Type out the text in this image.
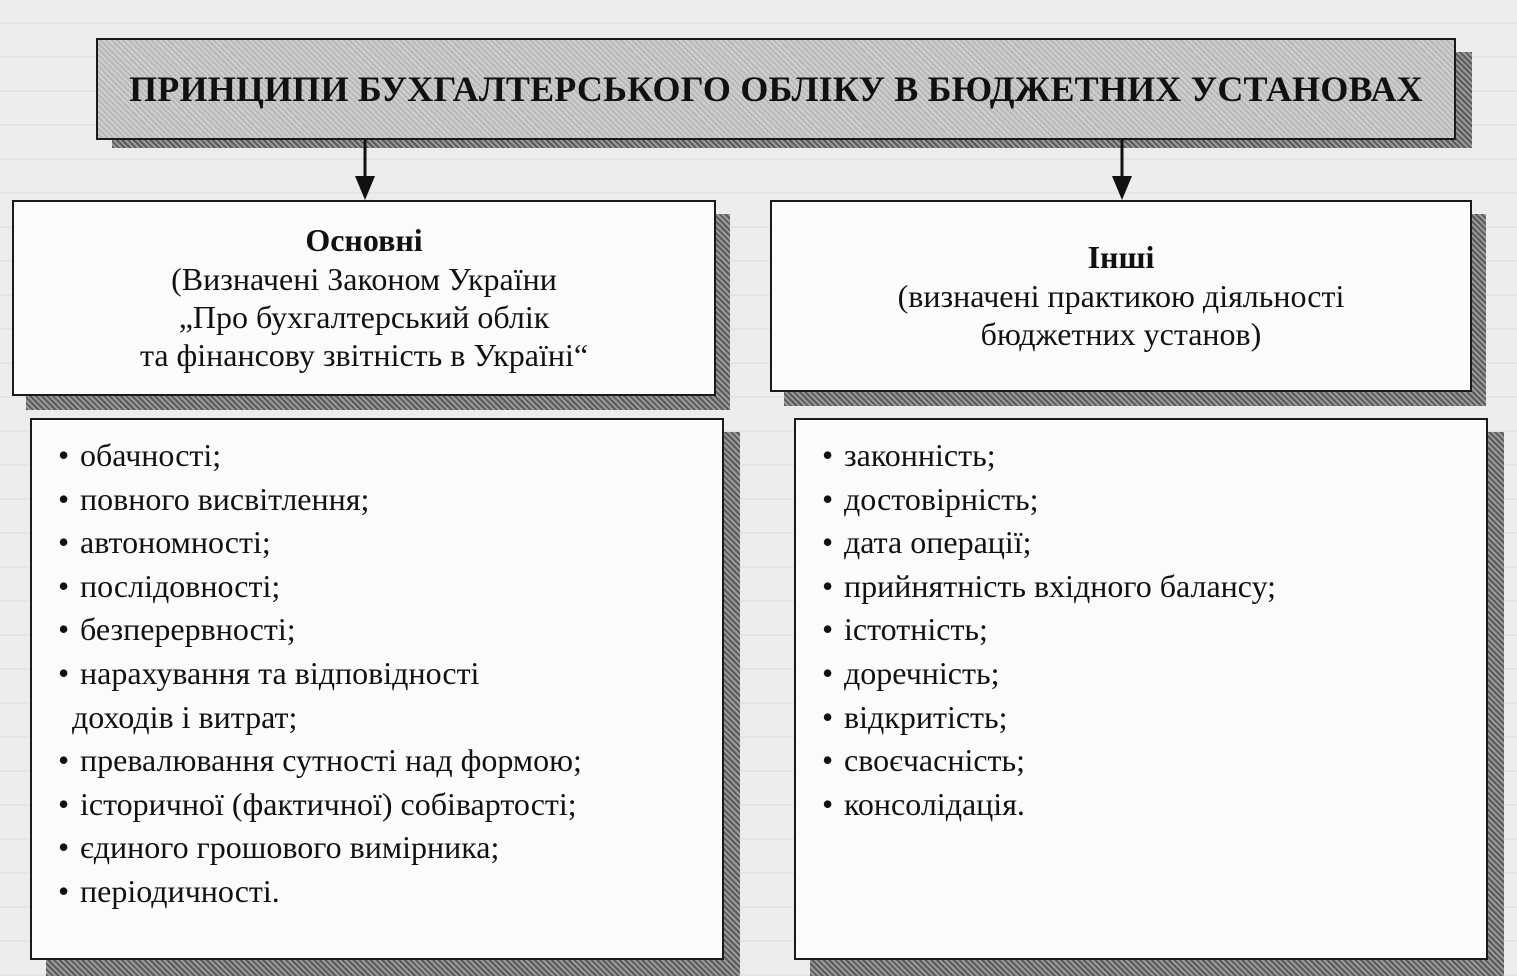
ПРИНЦИПИ БУХГАЛТЕРСЬКОГО ОБЛІКУ В БЮДЖЕТНИХ УСТАНОВАХ
Основні
(Визначені Законом України
„Про бухгалтерський облік
та фінансову звітність в Україні“
Інші
(визначені практикою діяльності
бюджетних установ)
• обачності;
• повного висвітлення;
• автономності;
• послідовності;
• безперервності;
• нарахування та відповідності
доходів і витрат;
• превалювання сутності над формою;
• історичної (фактичної) собівартості;
• єдиного грошового вимірника;
• періодичності.
• законність;
• достовірність;
• дата операції;
• прийнятність вхідного балансу;
• істотність;
• доречність;
• відкритість;
• своєчасність;
• консолідація.
